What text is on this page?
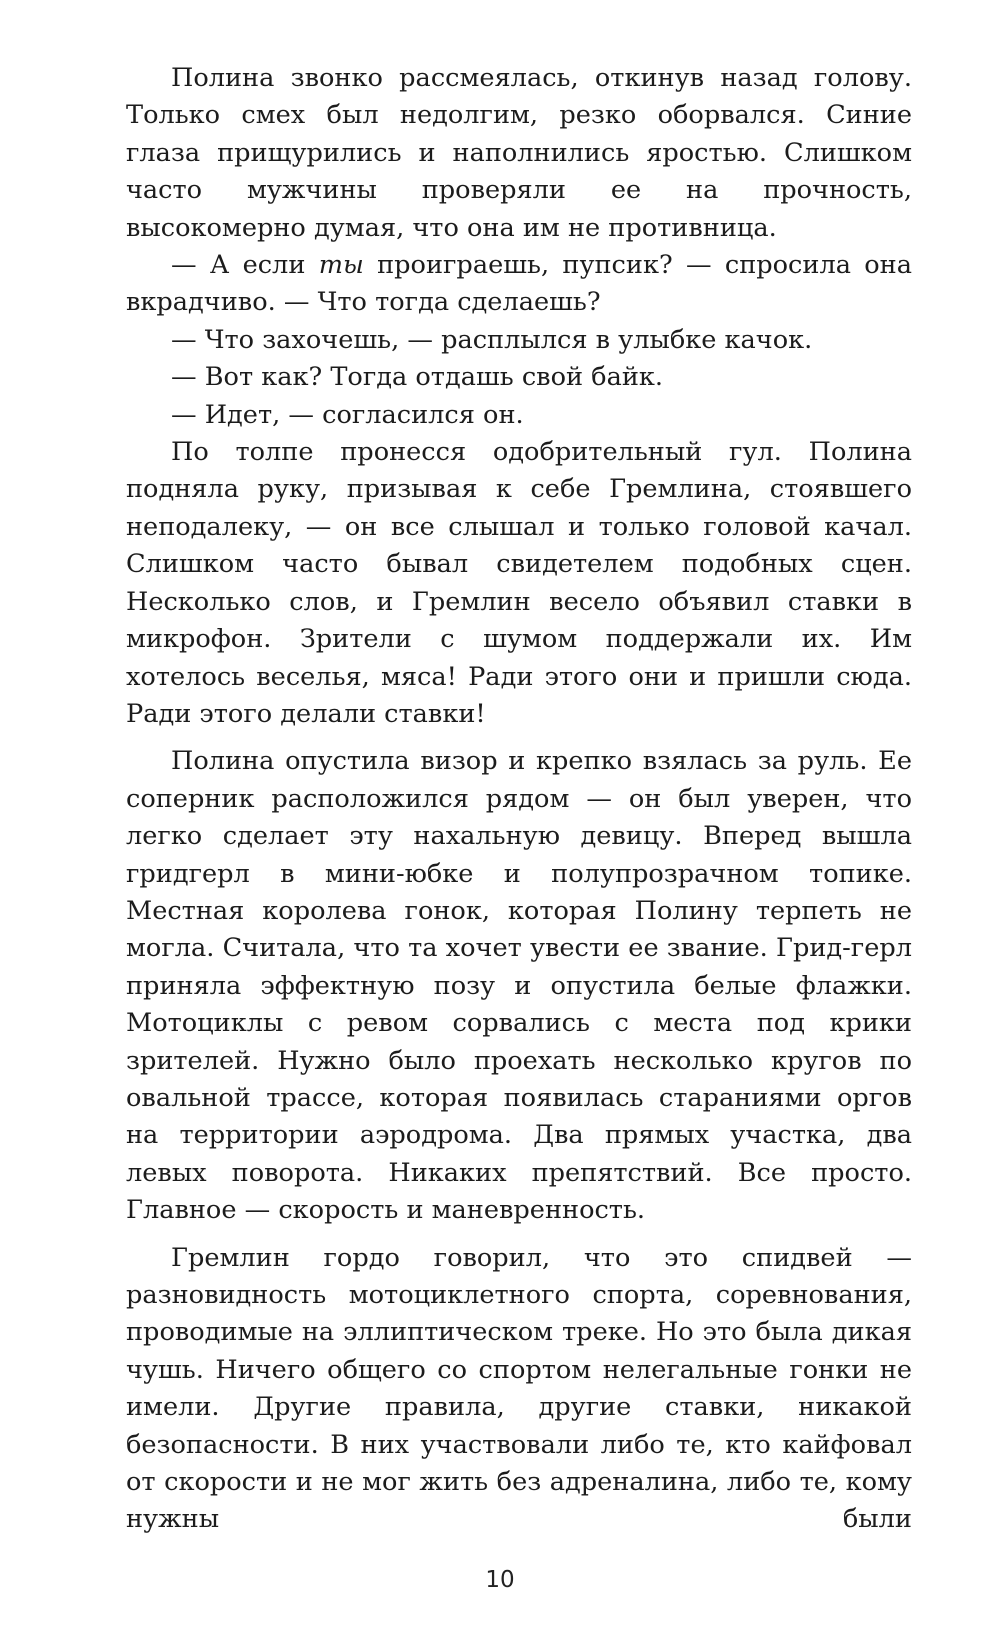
Полина звонко рассмеялась, откинув назад голову. Только смех был недолгим, резко оборвался. Синие глаза прищурились и наполнились яростью. Слишком часто мужчины проверяли ее на прочность, высокомерно думая, что она им не противница.

— А если ты проиграешь, пупсик? — спросила она вкрадчиво. — Что тогда сделаешь?

— Что захочешь, — расплылся в улыбке качок.

— Вот как? Тогда отдашь свой байк.

— Идет, — согласился он.

По толпе пронесся одобрительный гул. Полина подняла руку, призывая к себе Гремлина, стоявшего неподалеку, — он все слышал и только головой качал. Слишком часто бывал свидетелем подобных сцен. Несколько слов, и Гремлин весело объявил ставки в микрофон. Зрители с шумом поддержали их. Им хотелось веселья, мяса! Ради этого они и пришли сюда. Ради этого делали ставки!

Полина опустила визор и крепко взялась за руль. Ее соперник расположился рядом — он был уверен, что легко сделает эту нахальную девицу. Вперед вышла гридгерл в мини-юбке и полупрозрачном топике. Местная королева гонок, которая Полину терпеть не могла. Считала, что та хочет увести ее звание. Грид-герл приняла эффектную позу и опустила белые флажки. Мотоциклы с ревом сорвались с места под крики зрителей. Нужно было проехать несколько кругов по овальной трассе, которая появилась стараниями оргов на территории аэродрома. Два прямых участка, два левых поворота. Никаких препятствий. Все просто. Главное — скорость и маневренность.

Гремлин гордо говорил, что это спидвей — разновидность мотоциклетного спорта, соревнования, проводимые на эллиптическом треке. Но это была дикая чушь. Ничего общего со спортом нелегальные гонки не имели. Другие правила, другие ставки, никакой безопасности. В них участвовали либо те, кто кайфовал от скорости и не мог жить без адреналина, либо те, кому нужны были

10
